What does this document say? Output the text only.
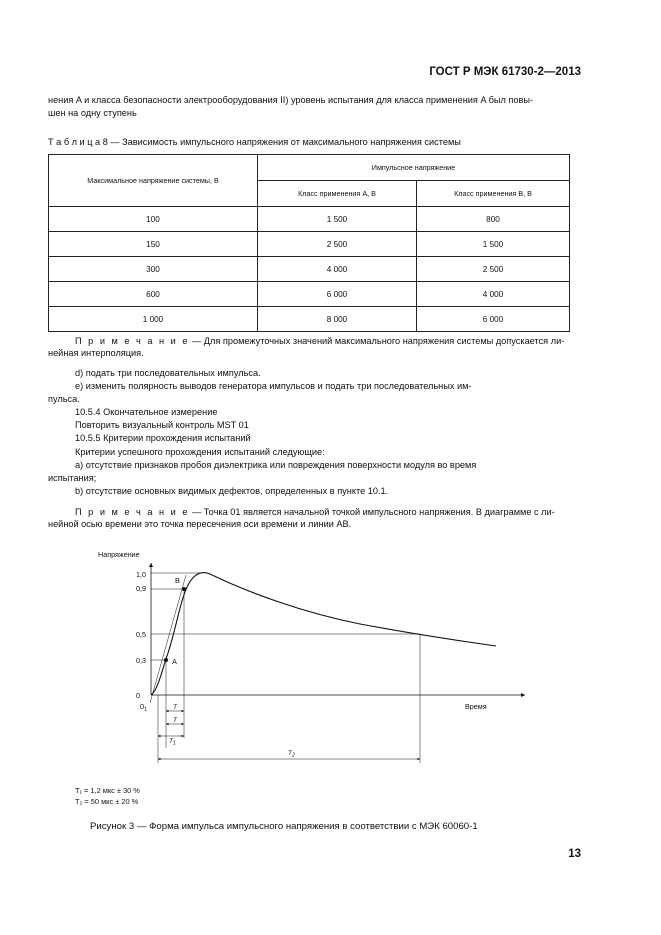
ГОСТ Р МЭК 61730-2—2013
нения A и класса безопасности электрооборудования II) уровень испытания для класса применения A был повы-
шен на одну ступень
Т а б л и ц а 8 — Зависимость импульсного напряжения от максимального напряжения системы
Максимальное напряжение системы, В	Импульсное напряжение	
	Класс применения А, В	Класс применения В, В
100	1 500	800
150	2 500	1 500
300	4 000	2 500
600	6 000	4 000
1 000	8 000	6 000
П р и м е ч а н и е — Для промежуточных значений максимального напряжения системы допускается ли-
нейная интерполяция.
d) подать три последовательных импульса.
e) изменить полярность выводов генератора импульсов и подать три последовательных им-
пульса.
10.5.4 Окончательное измерение
Повторить визуальный контроль MST 01
10.5.5 Критерии прохождения испытаний
Критерии успешного прохождения испытаний следующие:
a) отсутствие признаков пробоя диэлектрика или повреждения поверхности модуля во время
испытания;
b) отсутствие основных видимых дефектов, определенных в пункте 10.1.
П р и м е ч а н и е — Точка 01 является начальной точкой импульсного напряжения. В диаграмме с ли-
нейной осью времени это точка пересечения оси времени и линии AB.
Напряжение
Время
1,0
0,9
0,5
0,3
0
A
B
$0_1$	T
T
$T_1$
$T_2$
T₁ = 1,2 мкс ± 30 %
T₂ = 50 мкс ± 20 %
Рисунок 3 — Форма импульса импульсного напряжения в соответствии с МЭК 60060-1
13
